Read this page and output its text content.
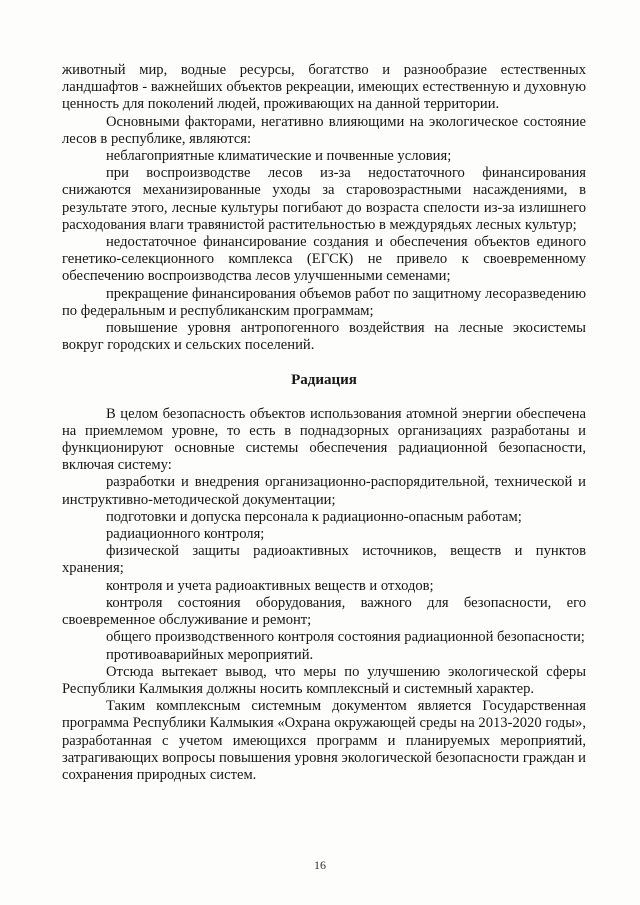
животный мир, водные ресурсы, богатство и разнообразие естественных ландшафтов - важнейших объектов рекреации, имеющих естественную и духовную ценность для поколений людей, проживающих на данной территории.

Основными факторами, негативно влияющими на экологическое состояние лесов в республике, являются:

неблагоприятные климатические и почвенные условия;

при воспроизводстве лесов из-за недостаточного финансирования снижаются механизированные уходы за старовозрастными насаждениями, в результате этого, лесные культуры погибают до возраста спелости из-за излишнего расходования влаги травянистой растительностью в междурядьях лесных культур;

недостаточное финансирование создания и обеспечения объектов единого генетико-селекционного комплекса (ЕГСК) не привело к своевременному обеспечению воспроизводства лесов улучшенными семенами;

прекращение финансирования объемов работ по защитному лесоразведению по федеральным и республиканским программам;

повышение уровня антропогенного воздействия на лесные экосистемы вокруг городских и сельских поселений.

Радиация

В целом безопасность объектов использования атомной энергии обеспечена на приемлемом уровне, то есть в поднадзорных организациях разработаны и функционируют основные системы обеспечения радиационной безопасности, включая систему:

разработки и внедрения организационно-распорядительной, технической и инструктивно-методической документации;

подготовки и допуска персонала к радиационно-опасным работам;

радиационного контроля;

физической защиты радиоактивных источников, веществ и пунктов хранения;

контроля и учета радиоактивных веществ и отходов;

контроля состояния оборудования, важного для безопасности, его своевременное обслуживание и ремонт;

общего производственного контроля состояния радиационной безопасности;

противоаварийных мероприятий.

Отсюда вытекает вывод, что меры по улучшению экологической сферы Республики Калмыкия должны носить комплексный и системный характер.

Таким комплексным системным документом является Государственная программа Республики Калмыкия «Охрана окружающей среды на 2013-2020 годы», разработанная с учетом имеющихся программ и планируемых мероприятий, затрагивающих вопросы повышения уровня экологической безопасности граждан и сохранения природных систем.

16
